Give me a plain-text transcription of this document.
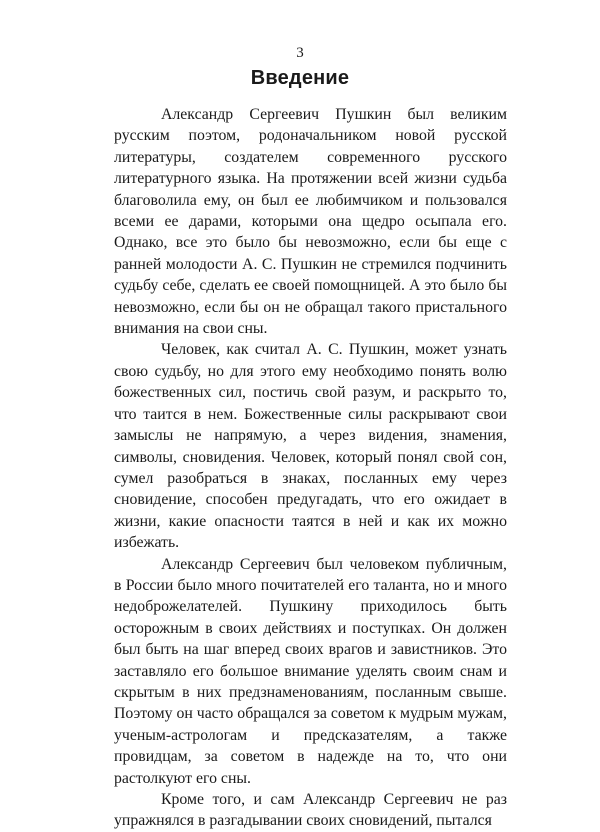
3
Введение

Александр Сергеевич Пушкин был великим русским поэтом, родоначальником новой русской литературы, создателем современного русского литературного языка. На протяжении всей жизни судьба благоволила ему, он был ее любимчиком и пользовался всеми ее дарами, которыми она щедро осыпала его. Однако, все это было бы невозможно, если бы еще с ранней молодости А. С. Пушкин не стремился подчинить судьбу себе, сделать ее своей помощницей. А это было бы невозможно, если бы он не обращал такого пристального внимания на свои сны.

Человек, как считал А. С. Пушкин, может узнать свою судьбу, но для этого ему необходимо понять волю божественных сил, постичь свой разум, и раскрыто то, что таится в нем. Божественные силы раскрывают свои замыслы не напрямую, а через видения, знамения, символы, сновидения. Человек, который понял свой сон, сумел разобраться в знаках, посланных ему через сновидение, способен предугадать, что его ожидает в жизни, какие опасности таятся в ней и как их можно избежать.

Александр Сергеевич был человеком публичным, в России было много почитателей его таланта, но и много недоброжелателей. Пушкину приходилось быть осторожным в своих действиях и поступках. Он должен был быть на шаг вперед своих врагов и завистников. Это заставляло его большое внимание уделять своим снам и скрытым в них предзнаменованиям, посланным свыше. Поэтому он часто обращался за советом к мудрым мужам, ученым-астрологам и предсказателям, а также провидцам, за советом в надежде на то, что они растолкуют его сны.

Кроме того, и сам Александр Сергеевич не раз упражнялся в разгадывании своих сновидений, пытался
